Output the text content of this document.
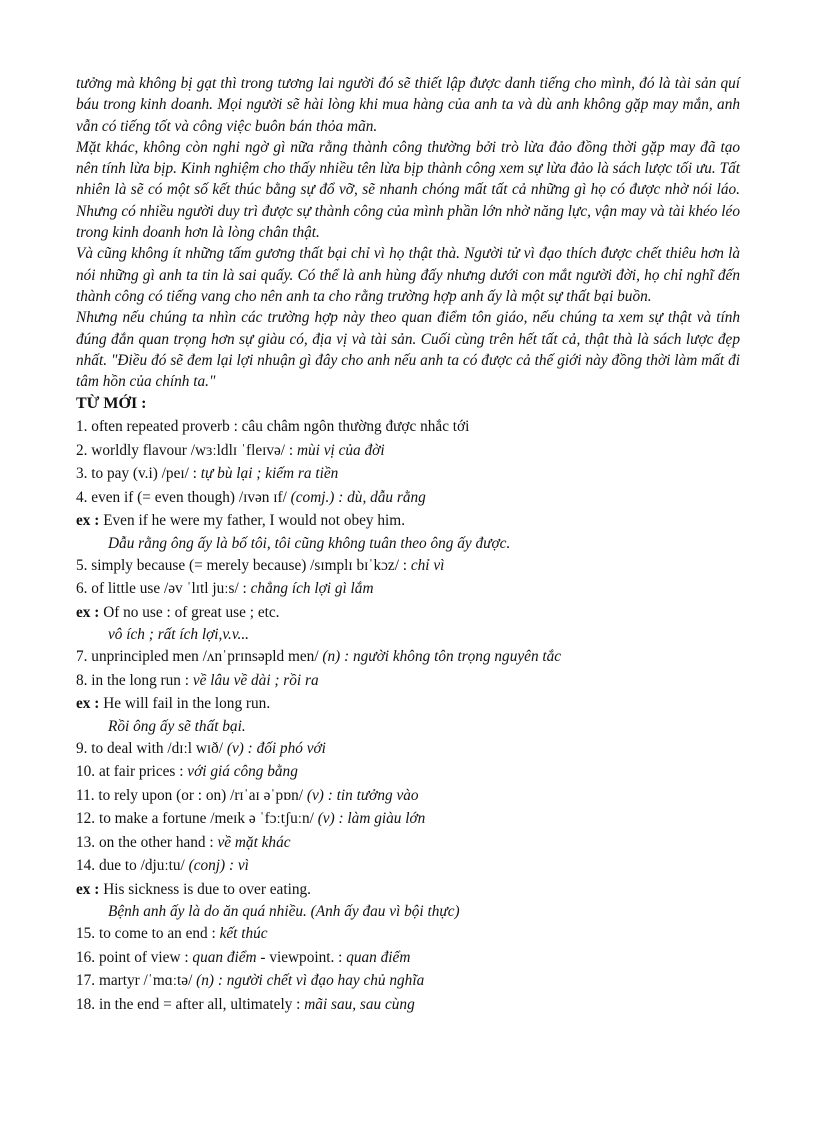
tưởng mà không bị gạt thì trong tương lai người đó sẽ thiết lập được danh tiếng cho mình, đó là tài sản quí báu trong kinh doanh. Mọi người sẽ hài lòng khi mua hàng của anh ta và dù anh không gặp may mắn, anh vẫn có tiếng tốt và công việc buôn bán thỏa mãn.

Mặt khác, không còn nghi ngờ gì nữa rằng thành công thường bởi trò lừa đảo đồng thời gặp may đã tạo nên tính lừa bịp. Kinh nghiệm cho thấy nhiều tên lừa bịp thành công xem sự lừa đảo là sách lược tối ưu. Tất nhiên là sẽ có một số kết thúc bằng sự đổ vỡ, sẽ nhanh chóng mất tất cả những gì họ có được nhờ nói láo. Nhưng có nhiều người duy trì được sự thành công của mình phần lớn nhờ năng lực, vận may và tài khéo léo trong kinh doanh hơn là lòng chân thật.

Và cũng không ít những tấm gương thất bại chỉ vì họ thật thà. Người tử vì đạo thích được chết thiêu hơn là nói những gì anh ta tin là sai quấy. Có thể là anh hùng đấy nhưng dưới con mắt người đời, họ chỉ nghĩ đến thành công có tiếng vang cho nên anh ta cho rằng trường hợp anh ấy là một sự thất bại buồn.

Nhưng nếu chúng ta nhìn các trường hợp này theo quan điểm tôn giáo, nếu chúng ta xem sự thật và tính đúng đắn quan trọng hơn sự giàu có, địa vị và tài sản. Cuối cùng trên hết tất cả, thật thà là sách lược đẹp nhất. "Điều đó sẽ đem lại lợi nhuận gì đây cho anh nếu anh ta có được cả thế giới này đồng thời làm mất đi tâm hồn của chính ta."

TỪ MỚI :

1. often repeated proverb : câu châm ngôn thường được nhắc tới

2. worldly flavour /wɜːldlɪ ˈfleɪvə/ : mùi vị của đời

3. to pay (v.i) /peɪ/ : tự bù lại ; kiếm ra tiền

4. even if (= even though) /ɪvən ɪf/ (comj.) : dù, dẫu rằng

ex : Even if he were my father, I would not obey him.

Dẫu rằng ông ấy là bố tôi, tôi cũng không tuân theo ông ấy được.

5. simply because (= merely because) /sɪmplɪ bɪˈkɔz/ : chỉ vì

6. of little use /əv ˈlɪtl juːs/ : chẳng ích lợi gì lắm

ex : Of no use : of great use ; etc.

vô ích ; rất ích lợi,v.v...

7. unprincipled men /ʌnˈprɪnsəpld men/ (n) : người không tôn trọng nguyên tắc

8. in the long run : về lâu về dài ; rồi ra

ex : He will fail in the long run.

Rồi ông ấy sẽ thất bại.

9. to deal with /dɪːl wɪð/ (v) : đối phó với

10. at fair prices : với giá công bằng

11. to rely upon (or : on) /rɪˈaɪ əˈpɒn/ (v) : tin tưởng vào

12. to make a fortune /meɪk ə ˈfɔːtʃuːn/ (v) : làm giàu lớn

13. on the other hand : về mặt khác

14. due to /djuːtu/ (conj) : vì

ex : His sickness is due to over eating.

Bệnh anh ấy là do ăn quá nhiều. (Anh ấy đau vì bội thực)

15. to come to an end : kết thúc

16. point of view : quan điểm - viewpoint. : quan điểm

17. martyr /ˈmɑːtə/ (n) : người chết vì đạo hay chủ nghĩa

18. in the end = after all, ultimately : mãi sau, sau cùng
